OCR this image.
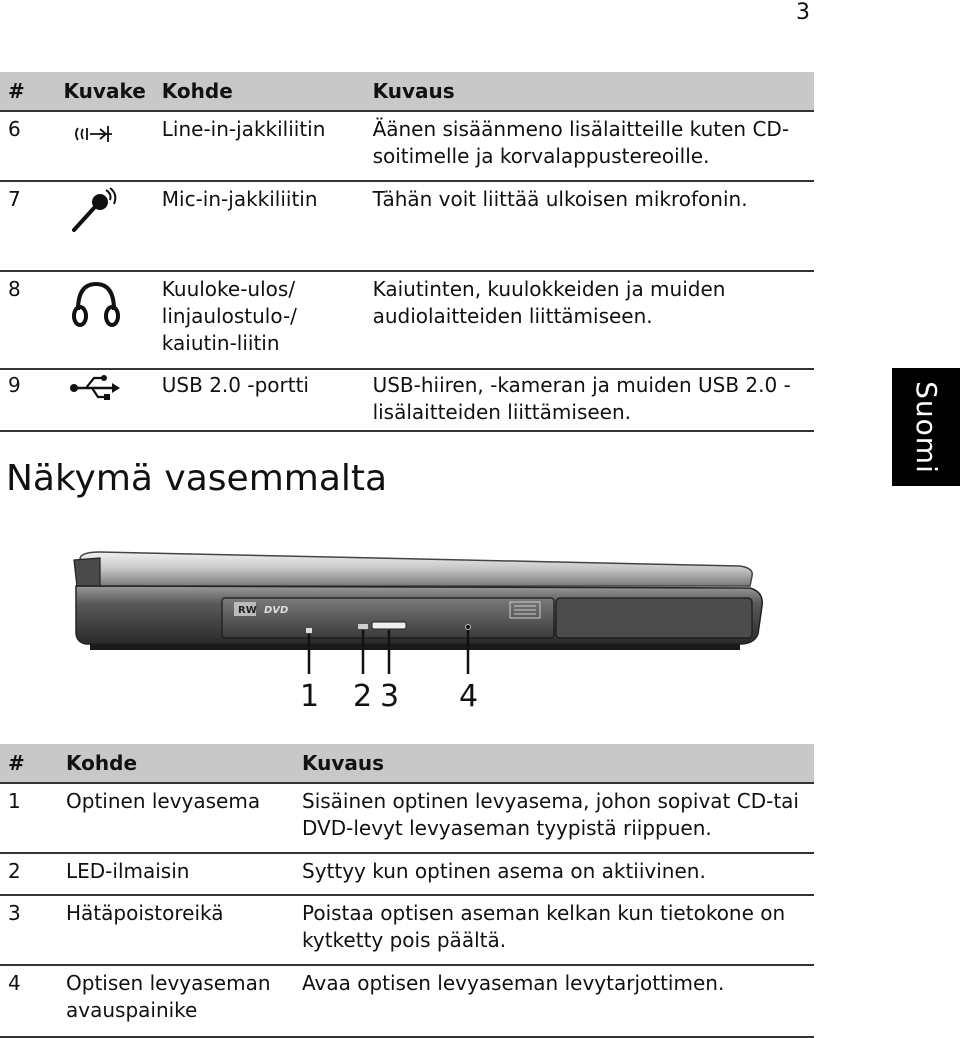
3
#	Kuvake	Kohde	Kuvaus
6		Line-in-jakkiliitin	Äänen sisäänmeno lisälaitteille kuten CD-soitimelle ja korvalappustereoille.
7		Mic-in-jakkiliitin	Tähän voit liittää ulkoisen mikrofonin.
8		Kuuloke-ulos/ linjaulostulo-/ kaiutin-liitin	Kaiutinten, kuulokkeiden ja muiden audiolaitteiden liittämiseen.
9		USB 2.0 -portti	USB-hiiren, -kameran ja muiden USB 2.0 -lisälaitteiden liittämiseen.	Suomi
Näkymä vasemmalta
RW DVD
1 2 3 4
#	Kohde	Kuvaus
1	Optinen levyasema	Sisäinen optinen levyasema, johon sopivat CD-tai DVD-levyt levyaseman tyypistä riippuen.
2	LED-ilmaisin	Syttyy kun optinen asema on aktiivinen.
3	Hätäpoistoreikä	Poistaa optisen aseman kelkan kun tietokone on kytketty pois päältä.
4	Optisen levyaseman avauspainike	Avaa optisen levyaseman levytarjottimen.
